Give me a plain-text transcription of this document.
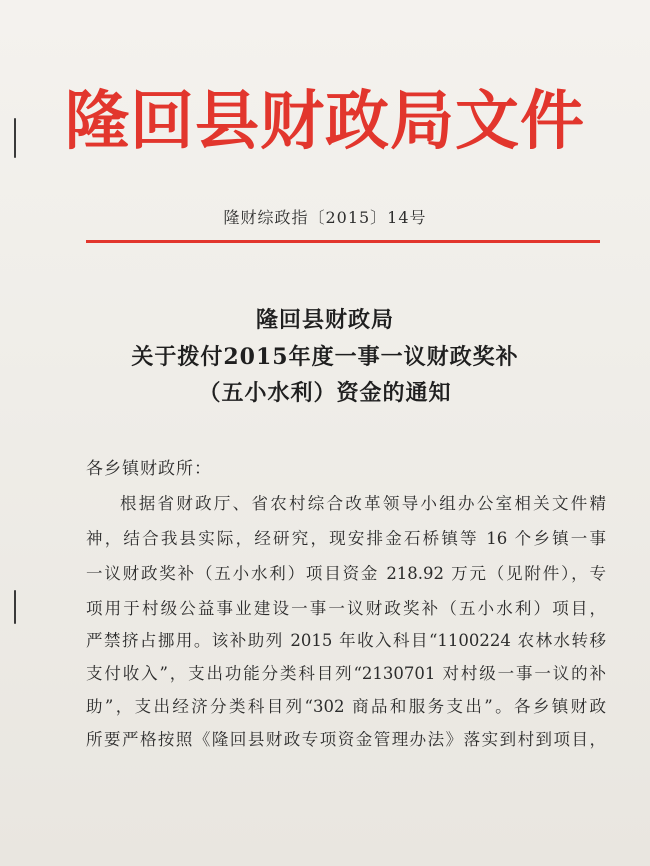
隆回县财政局文件
隆财综政指〔2015〕14号
隆回县财政局
关于拨付2015年度一事一议财政奖补
（五小水利）资金的通知
各乡镇财政所：
根据省财政厅、省农村综合改革领导小组办公室相关文件精
神，结合我县实际，经研究，现安排金石桥镇等 16 个乡镇一事
一议财政奖补（五小水利）项目资金 218.92 万元（见附件），专
项用于村级公益事业建设一事一议财政奖补（五小水利）项目，
严禁挤占挪用。该补助列 2015 年收入科目“1100224 农林水转移
支付收入”，支出功能分类科目列“2130701 对村级一事一议的补
助”，支出经济分类科目列“302 商品和服务支出”。各乡镇财政
所要严格按照《隆回县财政专项资金管理办法》落实到村到项目，
